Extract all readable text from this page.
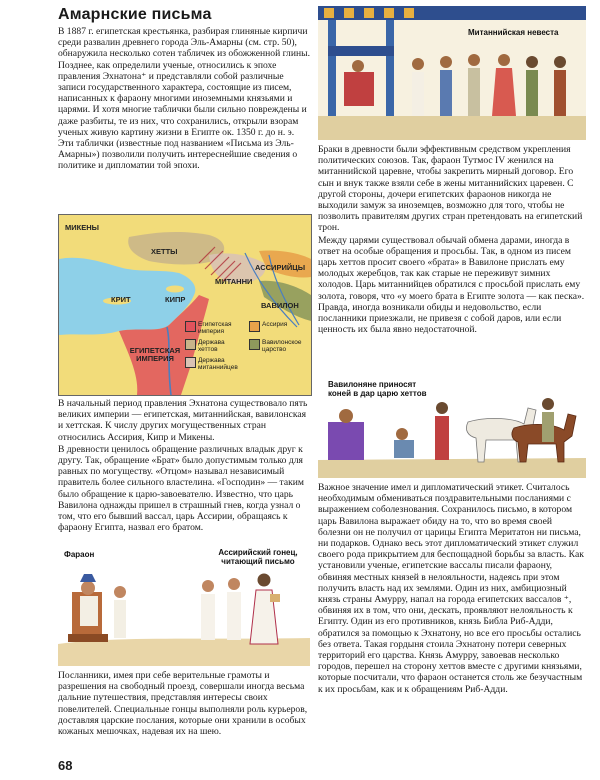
Амарнские письма

В 1887 г. египетская крестьянка, разбирая глиняные кирпичи среди развалин древнего города Эль-Амарны (см. стр. 50), обнаружила несколько сотен табличек из обожженной глины. Позднее, как определили ученые, относились к эпохе правления Эхнатона⁺ и представляли собой различные записи государственного характера, состоящие из писем, написанных к фараону многими иноземными князьями и царями. И хотя многие таблички были сильно повреждены и даже разбиты, те из них, что сохранились, открыли взорам ученых живую картину жизни в Египте ок. 1350 г. до н. э. Эти таблички (известные под названием «Письма из Эль-Амарны») позволили получить интереснейшие сведения о политике и дипломатии той эпохи.

МИКЕНЫ
ХЕТТЫ
АССИРИЙЦЫ
МИТАННИ
ВАВИЛОН
КРИТ	КИПР
ЕГИПЕТСКАЯ ИМПЕРИЯ
Египетская империя
Держава хеттов
Держава митаннийцев
Ассирия
Вавилонское царство

В начальный период правления Эхнатона существовало пять великих империи — египетская, митаннийская, вавилонская и хеттская. К числу других могущественных стран относились Ассирия, Кипр и Микены.

В древности ценилось обращение различных владык друг к другу. Так, обращение «Брат» было допустимым только для равных по могуществу. «Отцом» называл независимый правитель более сильного властелина. «Господин» — таким было обращение к царю-завоевателю. Известно, что царь Вавилона однажды пришел в страшный гнев, когда узнал о том, что его бывший вассал, царь Ассирии, обращаясь к фараону Египта, назвал его братом.

Фараон	Ассирийский гонец, читающий письмо

Посланники, имея при себе верительные грамоты и разрешения на свободный проезд, совершали иногда весьма дальние путешествия, представляя интересы своих повелителей. Специальные гонцы выполняли роль курьеров, доставляя царские послания, которые они хранили в особых кожаных мешочках, надевая их на шею.

Митаннийская невеста

Браки в древности были эффективным средством укрепления политических союзов. Так, фараон Тутмос IV женился на митаннийской царевне, чтобы закрепить мирный договор. Его сын и внук также взяли себе в жены митаннийских царевен. С другой стороны, дочери египетских фараонов никогда не выходили замуж за иноземцев, возможно для того, чтобы не позволить правителям других стран претендовать на египетский трон.

Между царями существовал обычай обмена дарами, иногда в ответ на особые обращения и просьбы. Так, в одном из писем царь хеттов просит своего «брата» в Вавилоне прислать ему молодых жеребцов, так как старые не переживут зимних холодов. Царь митаннийцев обратился с просьбой прислать ему золота, говоря, что «у моего брата в Египте золота — как песка». Правда, иногда возникали обиды и недовольство, если посланники приезжали, не привезя с собой даров, или если ценность их была явно недостаточной.

Вавилоняне приносят коней в дар царю хеттов

Важное значение имел и дипломатический этикет. Считалось необходимым обмениваться поздравительными посланиями с выражением соболезнования. Сохранилось письмо, в котором царь Вавилона выражает обиду на то, что во время своей болезни он не получил от царицы Египта Меритатон ни письма, ни подарков. Однако весь этот дипломатический этикет служил своего рода прикрытием для беспощадной борьбы за власть. Как установили ученые, египетские вассалы писали фараону, обвиняя местных князей в нелояльности, надеясь при этом получить власть над их землями. Один из них, амбициозный князь страны Амурру, напал на города египетских вассалов ⁺, обвиняя их в том, что они, дескать, проявляют нелояльность к Египту. Один из его противников, князь Библа Риб-Адди, обратился за помощью к Эхнатону, но все его просьбы остались без ответа. Такая гордыня стоила Эхнатону потери северных территорий его царства. Князь Амурру, завоевав несколько городов, перешел на сторону хеттов вместе с другими князьями, которые посчитали, что фараон останется столь же безучастным к их просьбам, как и к обращениям Риб-Адди.

68
